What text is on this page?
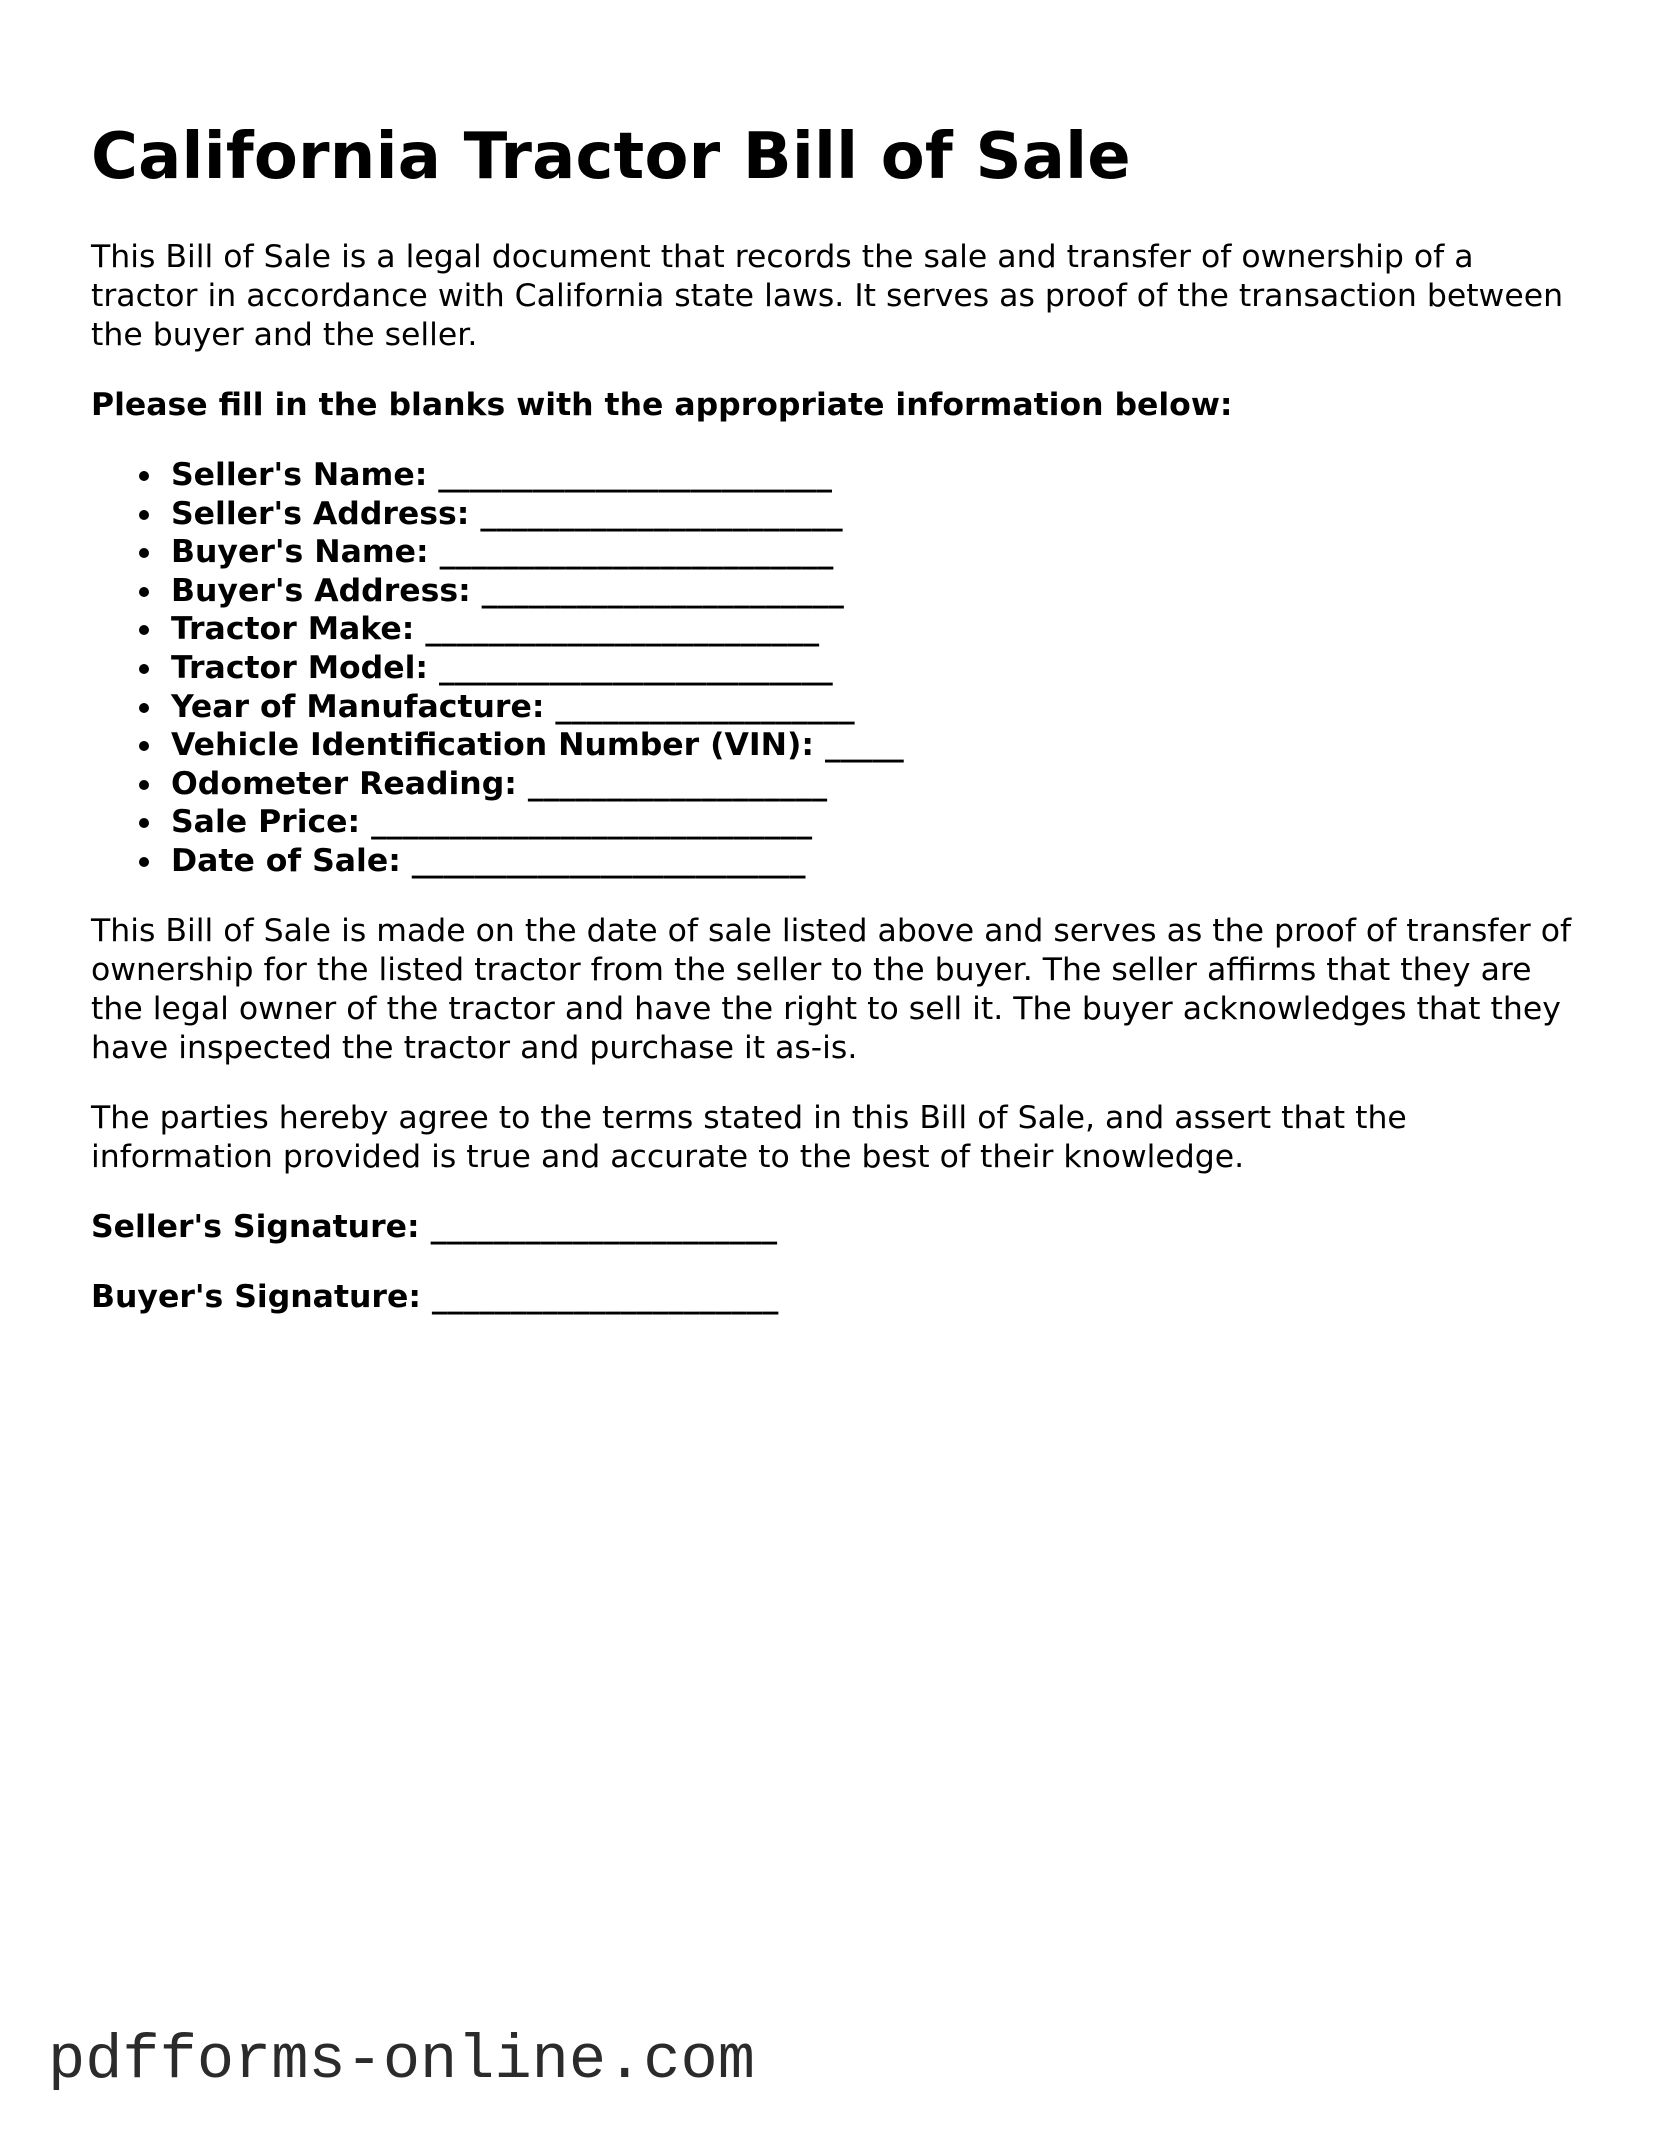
California Tractor Bill of Sale

This Bill of Sale is a legal document that records the sale and transfer of ownership of a tractor in accordance with California state laws. It serves as proof of the transaction between the buyer and the seller.

Please fill in the blanks with the appropriate information below:

Seller's Name: _________________________
Seller's Address: _______________________
Buyer's Name: _________________________
Buyer's Address: _______________________
Tractor Make: _________________________
Tractor Model: _________________________
Year of Manufacture: ___________________
Vehicle Identification Number (VIN): _____
Odometer Reading: ___________________
Sale Price: ____________________________
Date of Sale: _________________________

This Bill of Sale is made on the date of sale listed above and serves as the proof of transfer of ownership for the listed tractor from the seller to the buyer. The seller affirms that they are the legal owner of the tractor and have the right to sell it. The buyer acknowledges that they have inspected the tractor and purchase it as-is.

The parties hereby agree to the terms stated in this Bill of Sale, and assert that the information provided is true and accurate to the best of their knowledge.

Seller's Signature: ______________________

Buyer's Signature: ______________________

pdfforms-online.com
